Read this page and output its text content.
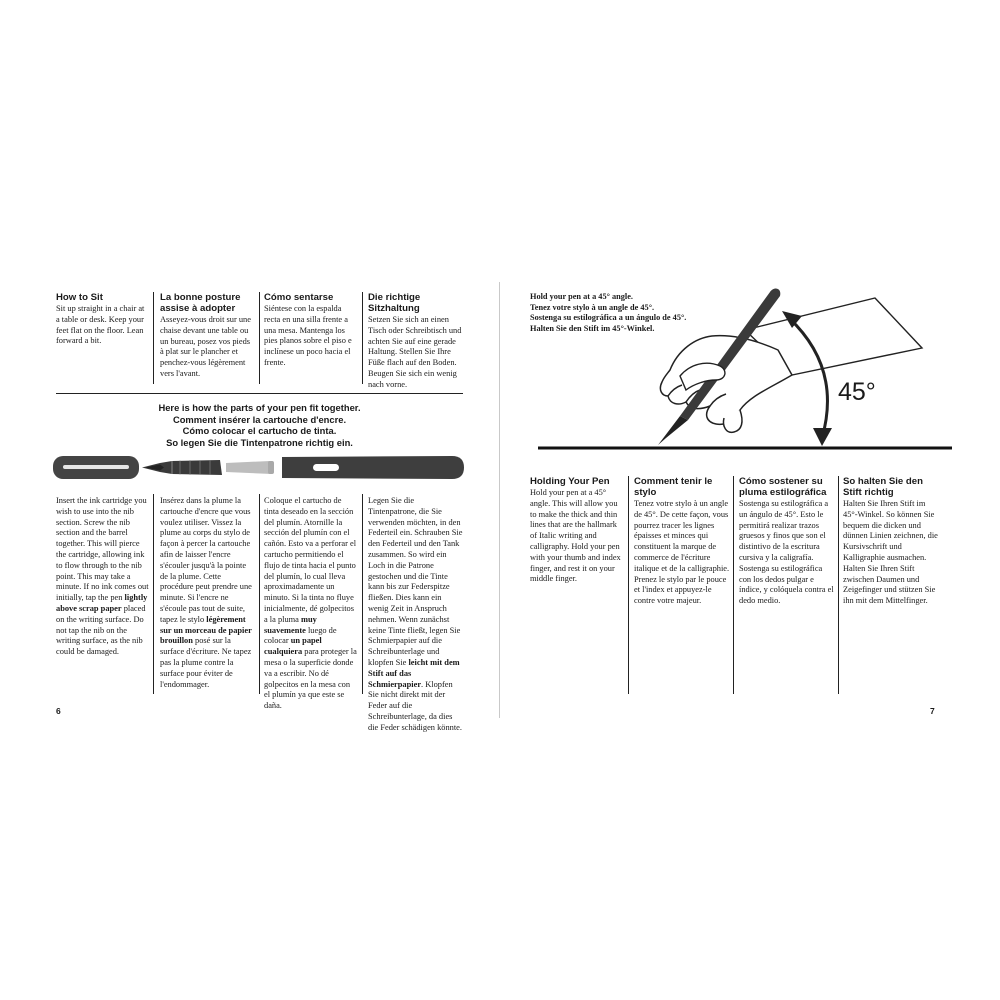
How to Sit

Sit up straight in a chair at a table or desk. Keep your feet flat on the floor. Lean forward a bit.

La bonne posture assise à adopter

Asseyez-vous droit sur une chaise devant une table ou un bureau, posez vos pieds à plat sur le plancher et penchez-vous légèrement vers l'avant.

Cómo sentarse

Siéntese con la espalda recta en una silla frente a una mesa. Mantenga los pies planos sobre el piso e inclínese un poco hacia el frente.

Die richtige Sitzhaltung

Setzen Sie sich an einen Tisch oder Schreibtisch und achten Sie auf eine gerade Haltung. Stellen Sie Ihre Füße flach auf den Boden. Beugen Sie sich ein wenig nach vorne.

Here is how the parts of your pen fit together.
Comment insérer la cartouche d'encre.
Cómo colocar el cartucho de tinta.
So legen Sie die Tintenpatrone richtig ein.

Insert the ink cartridge you wish to use into the nib section. Screw the nib section and the barrel together. This will pierce the cartridge, allowing ink to flow through to the nib point. This may take a minute. If no ink comes out initially, tap the pen lightly above scrap paper placed on the writing surface. Do not tap the nib on the writing surface, as the nib could be damaged.

Insérez dans la plume la cartouche d'encre que vous voulez utiliser. Vissez la plume au corps du stylo de façon à percer la cartouche afin de laisser l'encre s'écouler jusqu'à la pointe de la plume. Cette procédure peut prendre une minute. Si l'encre ne s'écoule pas tout de suite, tapez le stylo légèrement sur un morceau de papier brouillon posé sur la surface d'écriture. Ne tapez pas la plume contre la surface pour éviter de l'endommager.

Coloque el cartucho de tinta deseado en la sección del plumín. Atornille la sección del plumín con el cañón. Esto va a perforar el cartucho permitiendo el flujo de tinta hacia el punto del plumín, lo cual lleva aproximadamente un minuto. Si la tinta no fluye inicialmente, dé golpecitos a la pluma muy suavemente luego de colocar un papel cualquiera para proteger la mesa o la superficie donde va a escribir. No dé golpecitos en la mesa con el plumín ya que este se daña.

Legen Sie die Tintenpatrone, die Sie verwenden möchten, in den Federteil ein. Schrauben Sie den Federteil und den Tank zusammen. So wird ein Loch in die Patrone gestochen und die Tinte kann bis zur Federspitze fließen. Dies kann ein wenig Zeit in Anspruch nehmen. Wenn zunächst keine Tinte fließt, legen Sie Schmierpapier auf die Schreibunterlage und klopfen Sie leicht mit dem Stift auf das Schmierpapier. Klopfen Sie nicht direkt mit der Feder auf die Schreibunterlage, da dies die Feder schädigen könnte.

6
Hold your pen at a 45° angle.
Tenez votre stylo à un angle de 45°.
Sostenga su estilográfica a un ángulo de 45°.
Halten Sie den Stift im 45°-Winkel.
45°

Holding Your Pen

Hold your pen at a 45° angle. This will allow you to make the thick and thin lines that are the hallmark of Italic writing and calligraphy. Hold your pen with your thumb and index finger, and rest it on your middle finger.

Comment tenir le stylo

Tenez votre stylo à un angle de 45°. De cette façon, vous pourrez tracer les lignes épaisses et minces qui constituent la marque de commerce de l'écriture italique et de la calligraphie. Prenez le stylo par le pouce et l'index et appuyez-le contre votre majeur.

Cómo sostener su pluma estilográfica

Sostenga su estilográfica a un ángulo de 45°. Esto le permitirá realizar trazos gruesos y finos que son el distintivo de la escritura cursiva y la caligrafía. Sostenga su estilográfica con los dedos pulgar e índice, y colóquela contra el dedo medio.

So halten Sie den Stift richtig

Halten Sie Ihren Stift im 45°-Winkel. So können Sie bequem die dicken und dünnen Linien zeichnen, die Kursivschrift und Kalligraphie ausmachen. Halten Sie Ihren Stift zwischen Daumen und Zeigefinger und stützen Sie ihn mit dem Mittelfinger.

7
